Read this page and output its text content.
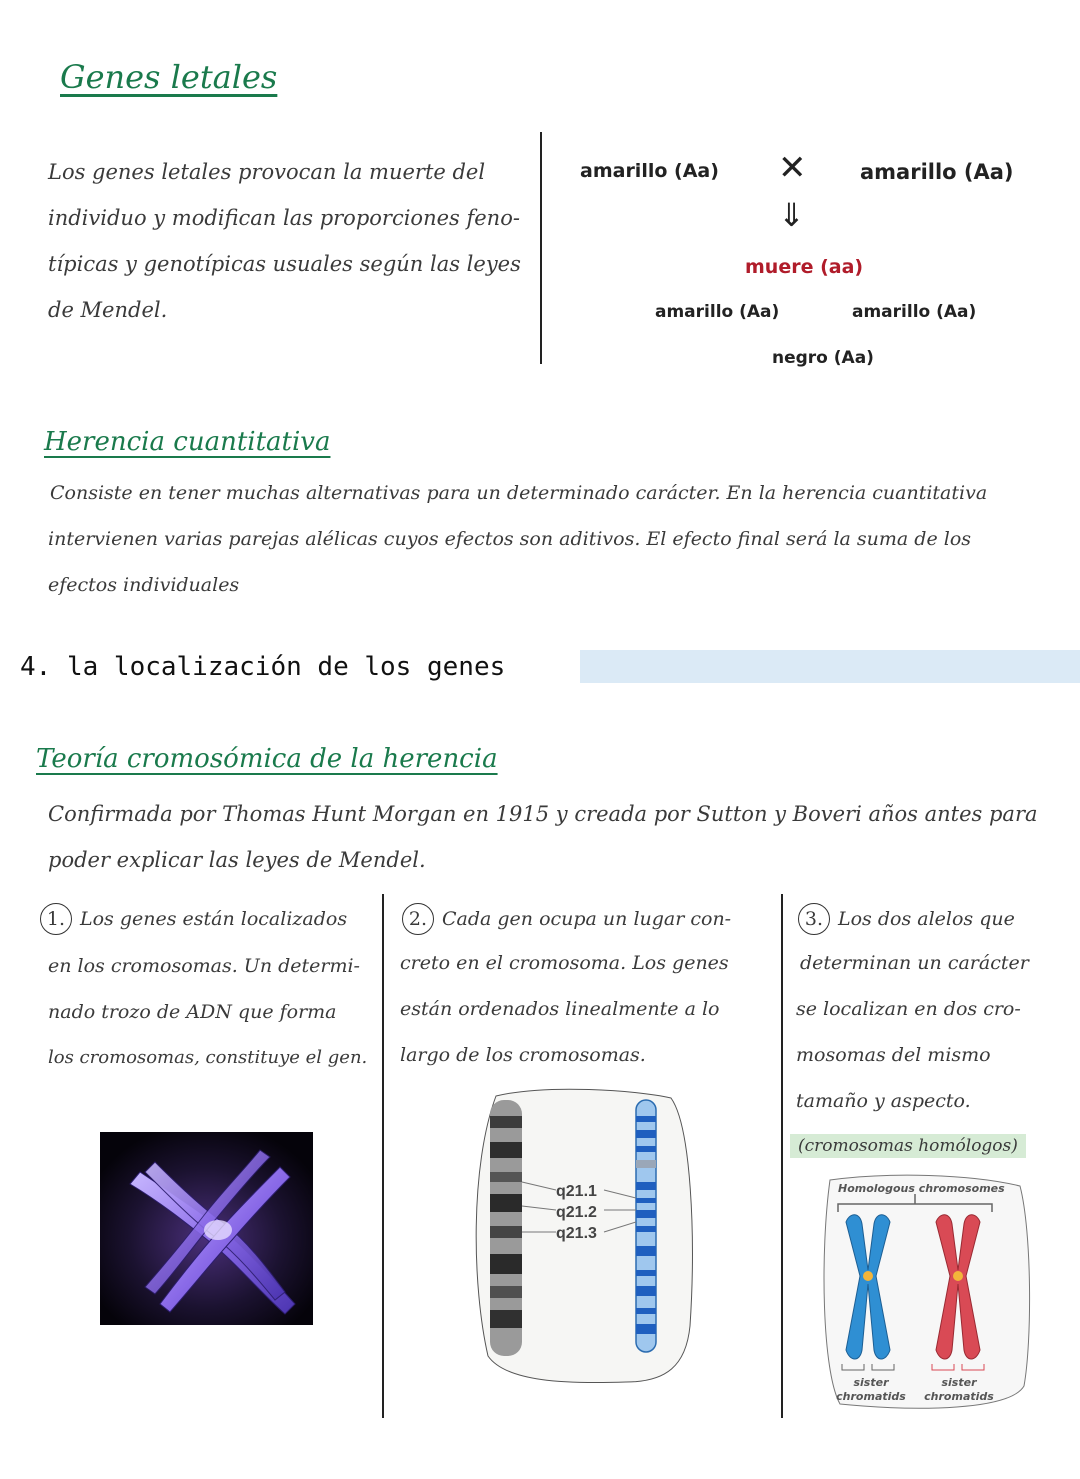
Genes letales
Los genes letales provocan la muerte del
individuo y modifican las proporciones feno-
típicas y genotípicas usuales según las leyes
de Mendel.
amarillo (Aa) ✕	amarillo (Aa)
⇓
muere (aa)
amarillo (Aa)	amarillo (Aa)
negro (Aa)
Herencia cuantitativa
Consiste en tener muchas alternativas para un determinado carácter. En la herencia cuantitativa
intervienen varias parejas alélicas cuyos efectos son aditivos. El efecto final será la suma de los
efectos individuales
4. la localización de los genes
Teoría cromosómica de la herencia
Confirmada por Thomas Hunt Morgan en 1915 y creada por Sutton y Boveri años antes para
poder explicar las leyes de Mendel.
1. Los genes están localizados
en los cromosomas. Un determi-
nado trozo de ADN que forma
los cromosomas, constituye el gen.
2. Cada gen ocupa un lugar con-
creto en el cromosoma. Los genes
están ordenados linealmente a lo
largo de los cromosomas.
q21.1
q21.2
q21.3
3. Los dos alelos que
determinan un carácter
se localizan en dos cro-
mosomas del mismo
tamaño y aspecto.
(cromosomas homólogos)
Homologous chromosomes
sister chromatids
sister chromatids
